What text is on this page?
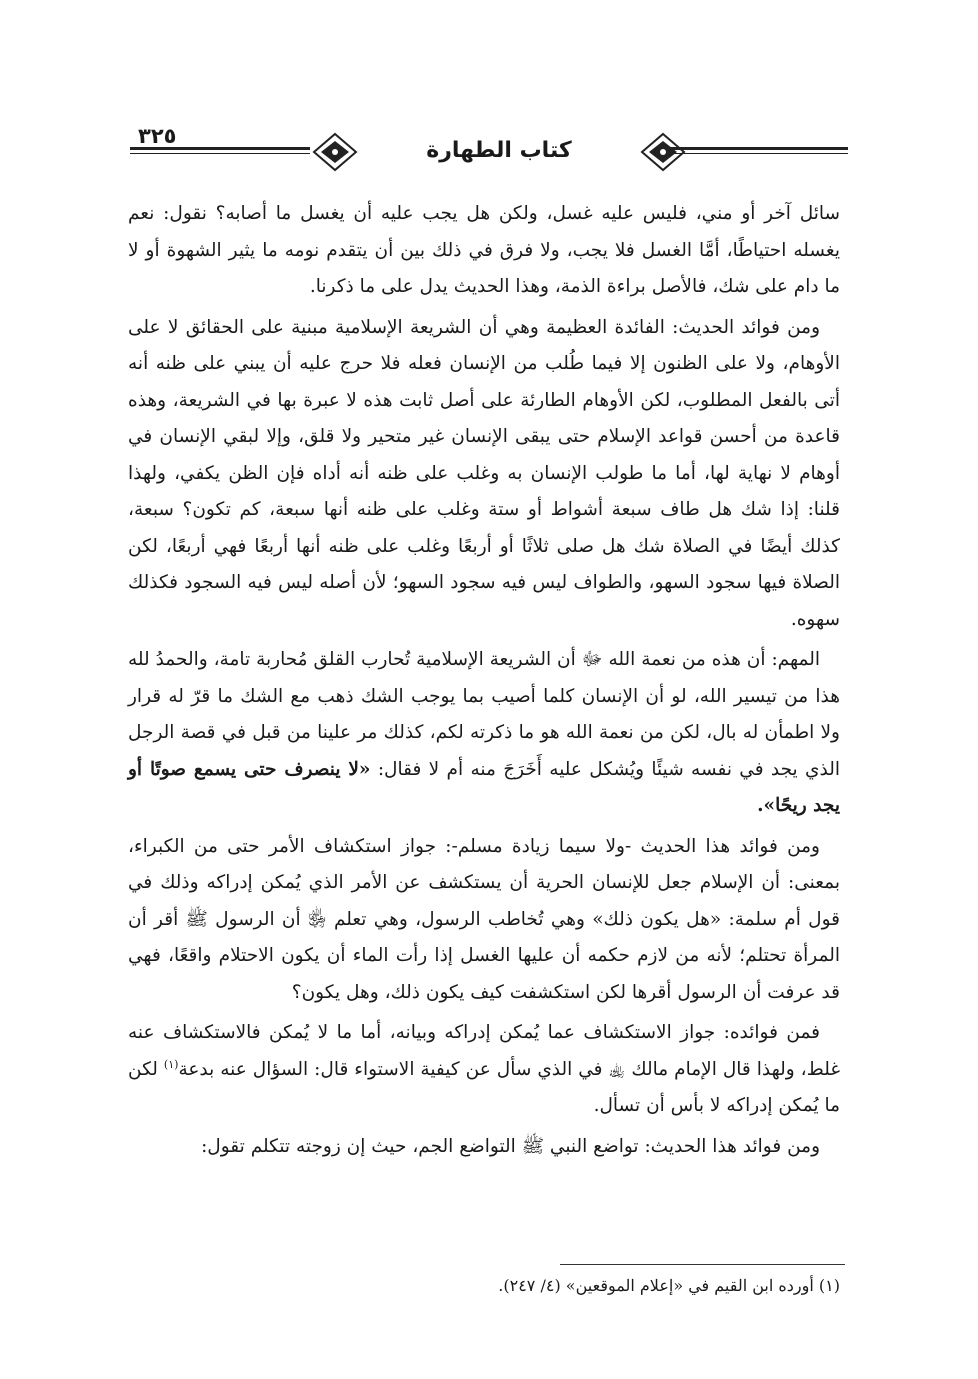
٣٢٥
كتاب الطهارة

سائل آخر أو مني، فليس عليه غسل، ولكن هل يجب عليه أن يغسل ما أصابه؟ نقول: نعم يغسله احتياطًا، أمَّا الغسل فلا يجب، ولا فرق في ذلك بين أن يتقدم نومه ما يثير الشهوة أو لا ما دام على شك، فالأصل براءة الذمة، وهذا الحديث يدل على ما ذكرنا.

ومن فوائد الحديث: الفائدة العظيمة وهي أن الشريعة الإسلامية مبنية على الحقائق لا على الأوهام، ولا على الظنون إلا فيما طُلب من الإنسان فعله فلا حرج عليه أن يبني على ظنه أنه أتى بالفعل المطلوب، لكن الأوهام الطارئة على أصل ثابت هذه لا عبرة بها في الشريعة، وهذه قاعدة من أحسن قواعد الإسلام حتى يبقى الإنسان غير متحير ولا قلق، وإلا لبقي الإنسان في أوهام لا نهاية لها، أما ما طولب الإنسان به وغلب على ظنه أنه أداه فإن الظن يكفي، ولهذا قلنا: إذا شك هل طاف سبعة أشواط أو ستة وغلب على ظنه أنها سبعة، كم تكون؟ سبعة، كذلك أيضًا في الصلاة شك هل صلى ثلاثًا أو أربعًا وغلب على ظنه أنها أربعًا فهي أربعًا، لكن الصلاة فيها سجود السهو، والطواف ليس فيه سجود السهو؛ لأن أصله ليس فيه السجود فكذلك سهوه.

المهم: أن هذه من نعمة الله ﷻ أن الشريعة الإسلامية تُحارب القلق مُحاربة تامة، والحمدُ لله هذا من تيسير الله، لو أن الإنسان كلما أصيب بما يوجب الشك ذهب مع الشك ما قرّ له قرار ولا اطمأن له بال، لكن من نعمة الله هو ما ذكرته لكم، كذلك مر علينا من قبل في قصة الرجل الذي يجد في نفسه شيئًا ويُشكل عليه أَخَرَجَ منه أم لا فقال: «لا ينصرف حتى يسمع صوتًا أو يجد ريحًا».

ومن فوائد هذا الحديث -ولا سيما زيادة مسلم-: جواز استكشاف الأمر حتى من الكبراء، بمعنى: أن الإسلام جعل للإنسان الحرية أن يستكشف عن الأمر الذي يُمكن إدراكه وذلك في قول أم سلمة: «هل يكون ذلك» وهي تُخاطب الرسول، وهي تعلم ﵂ أن الرسول ﷺ أقر أن المرأة تحتلم؛ لأنه من لازم حكمه أن عليها الغسل إذا رأت الماء أن يكون الاحتلام واقعًا، فهي قد عرفت أن الرسول أقرها لكن استكشفت كيف يكون ذلك، وهل يكون؟

فمن فوائده: جواز الاستكشاف عما يُمكن إدراكه وبيانه، أما ما لا يُمكن فالاستكشاف عنه غلط، ولهذا قال الإمام مالك ﵀ في الذي سأل عن كيفية الاستواء قال: السؤال عنه بدعة$^{(١)}$ لكن ما يُمكن إدراكه لا بأس أن تسأل.

ومن فوائد هذا الحديث: تواضع النبي ﷺ التواضع الجم، حيث إن زوجته تتكلم تقول:

(١) أورده ابن القيم في «إعلام الموقعين» (٤/ ٢٤٧).
